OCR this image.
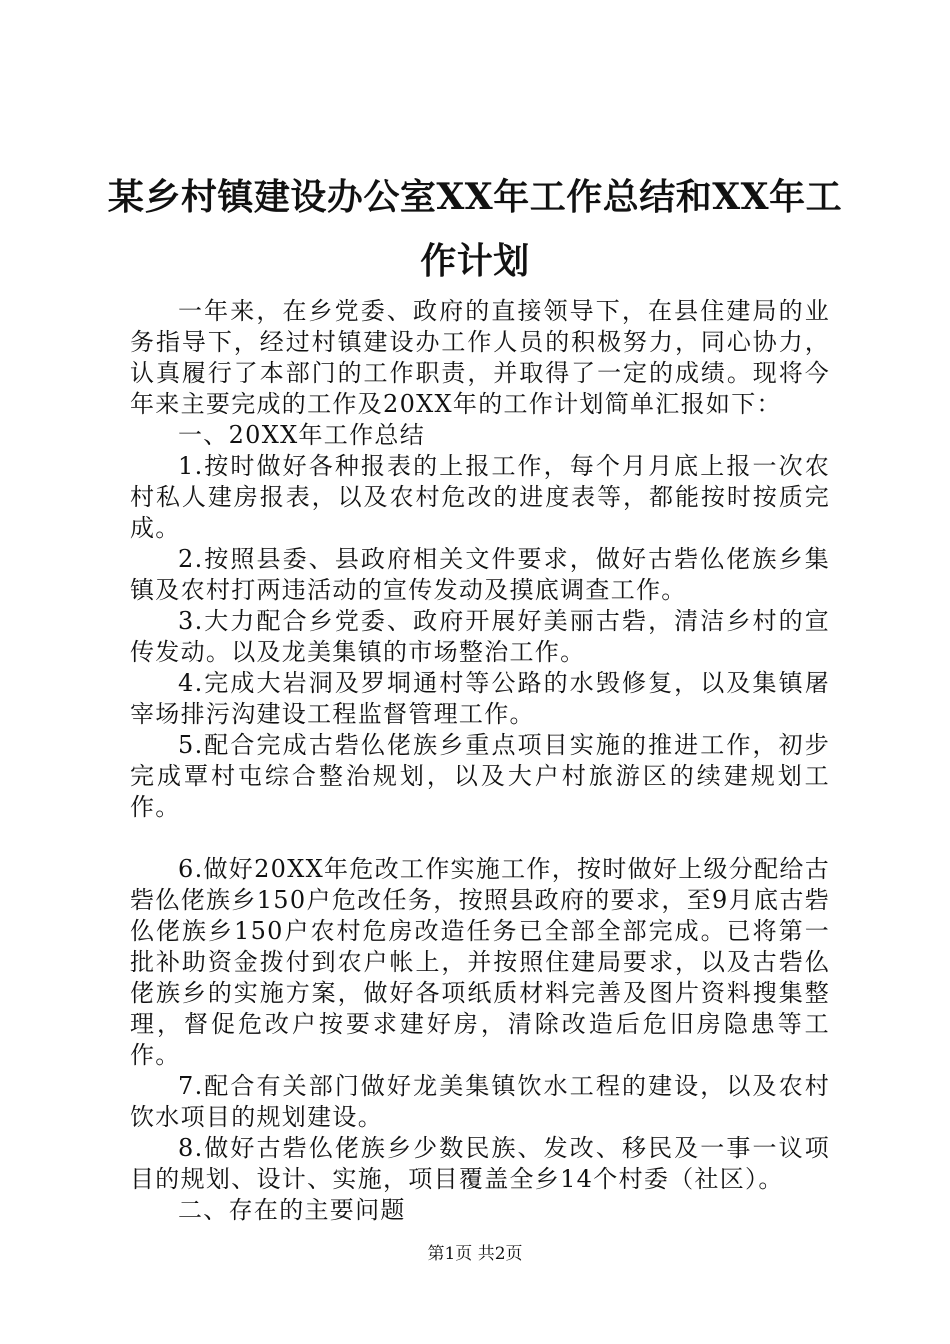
某乡村镇建设办公室XX年工作总结和XX年工作计划

一年来，在乡党委、政府的直接领导下，在县住建局的业务指导下，经过村镇建设办工作人员的积极努力，同心协力，认真履行了本部门的工作职责，并取得了一定的成绩。现将今年来主要完成的工作及20XX年的工作计划简单汇报如下：

一、20XX年工作总结

1.按时做好各种报表的上报工作，每个月月底上报一次农村私人建房报表，以及农村危改的进度表等，都能按时按质完成。

2.按照县委、县政府相关文件要求，做好古砦仫佬族乡集镇及农村打两违活动的宣传发动及摸底调查工作。

3.大力配合乡党委、政府开展好美丽古砦，清洁乡村的宣传发动。以及龙美集镇的市场整治工作。

4.完成大岩洞及罗垌通村等公路的水毁修复，以及集镇屠宰场排污沟建设工程监督管理工作。

5.配合完成古砦仫佬族乡重点项目实施的推进工作，初步完成覃村屯综合整治规划，以及大户村旅游区的续建规划工作。

6.做好20XX年危改工作实施工作，按时做好上级分配给古砦仫佬族乡150户危改任务，按照县政府的要求，至9月底古砦仫佬族乡150户农村危房改造任务已全部全部完成。已将第一批补助资金拨付到农户帐上，并按照住建局要求，以及古砦仫佬族乡的实施方案，做好各项纸质材料完善及图片资料搜集整理，督促危改户按要求建好房，清除改造后危旧房隐患等工作。

7.配合有关部门做好龙美集镇饮水工程的建设，以及农村饮水项目的规划建设。

8.做好古砦仫佬族乡少数民族、发改、移民及一事一议项目的规划、设计、实施，项目覆盖全乡14个村委（社区）。

二、存在的主要问题

第1页 共2页
